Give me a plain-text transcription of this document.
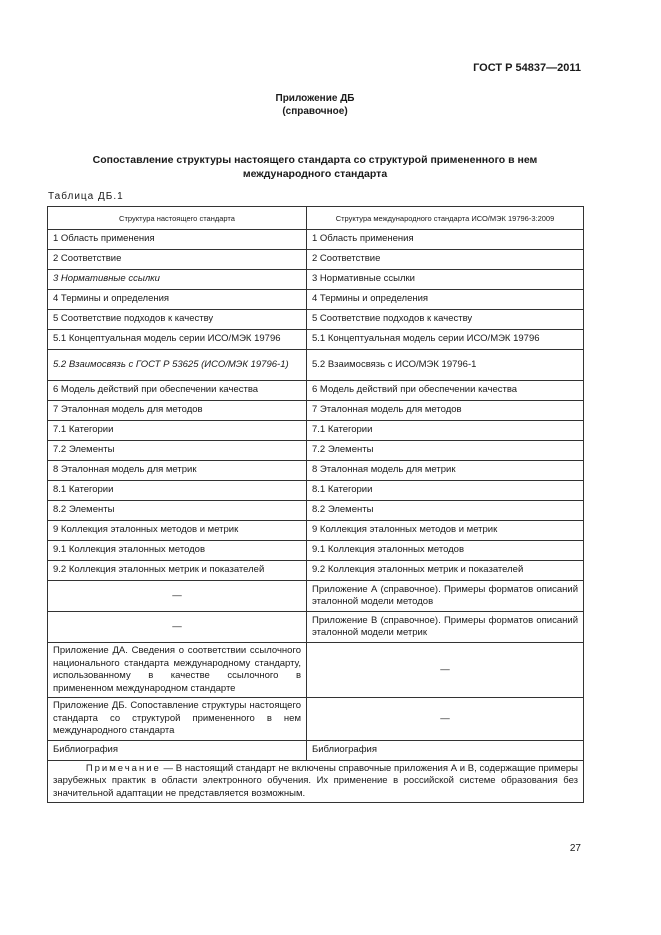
ГОСТ Р 54837—2011
Приложение ДБ
(справочное)
Сопоставление структуры настоящего стандарта со структурой примененного в нем международного стандарта
Таблица ДБ.1
Структура настоящего стандарта	Структура международного стандарта ИСО/МЭК 19796-3:2009
1 Область применения	1 Область применения
2 Соответствие	2 Соответствие
3 Нормативные ссылки	3 Нормативные ссылки
4 Термины и определения	4 Термины и определения
5 Соответствие подходов к качеству	5 Соответствие подходов к качеству
5.1 Концептуальная модель серии ИСО/МЭК 19796	5.1 Концептуальная модель серии ИСО/МЭК 19796
5.2 Взаимосвязь с ГОСТ Р 53625 (ИСО/МЭК 19796-1)	5.2 Взаимосвязь с ИСО/МЭК 19796-1
6 Модель действий при обеспечении качества	6 Модель действий при обеспечении качества
7 Эталонная модель для методов	7 Эталонная модель для методов
7.1 Категории	7.1 Категории
7.2 Элементы	7.2 Элементы
8 Эталонная модель для метрик	8 Эталонная модель для метрик
8.1 Категории	8.1 Категории
8.2 Элементы	8.2 Элементы
9 Коллекция эталонных методов и метрик	9 Коллекция эталонных методов и метрик
9.1 Коллекция эталонных методов	9.1 Коллекция эталонных методов
9.2 Коллекция эталонных метрик и показателей	9.2 Коллекция эталонных метрик и показателей
—	Приложение А (справочное). Примеры форматов описаний эталонной модели методов
—	Приложение В (справочное). Примеры форматов описаний эталонной модели метрик
Приложение ДА. Сведения о соответствии ссылочного национального стандарта международному стандарту, использованному в качестве ссылочного в примененном международном стандарте	—
Приложение ДБ. Сопоставление структуры настоящего стандарта со структурой примененного в нем международного стандарта	—
Библиография	Библиография
Примечание — В настоящий стандарт не включены справочные приложения А и В, содержащие примеры зарубежных практик в области электронного обучения. Их применение в российской системе образования без значительной адаптации не представляется возможным.	
27
